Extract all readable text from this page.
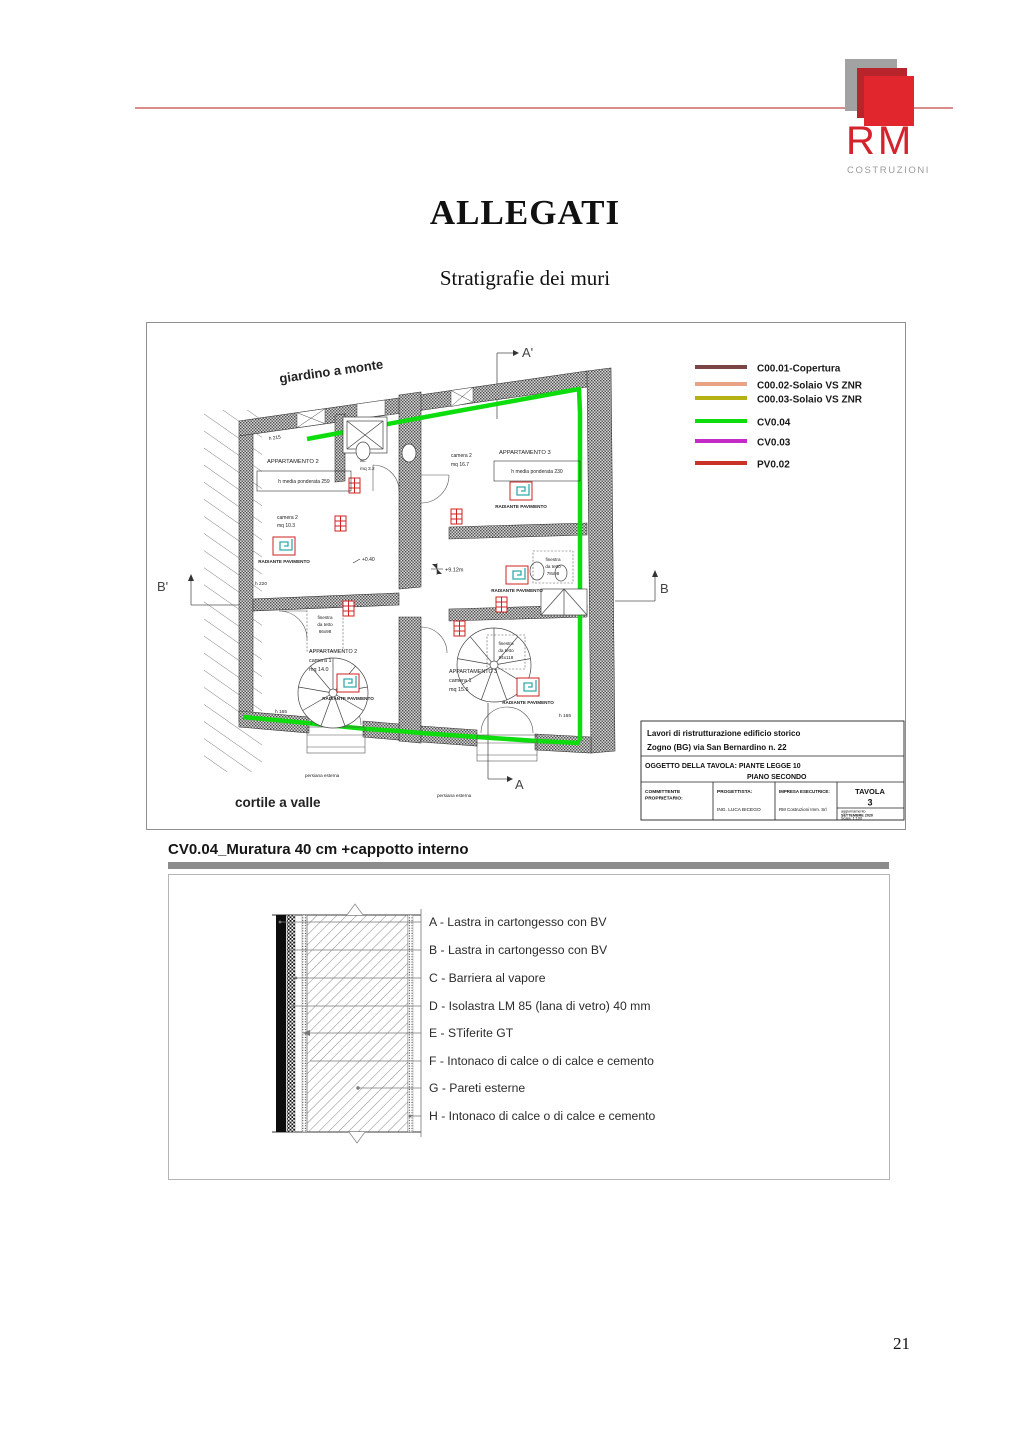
RM
COSTRUZIONI
ALLEGATI
Stratigrafie dei muri
B'	B
A'
A
RADIANTE PAVIMENTO
RADIANTE PAVIMENTO
RADIANTE PAVIMENTO
RADIANTE PAVIMENTO
RADIANTE PAVIMENTO
finestra
da tetto
66x98
finestra
da tetto
78x98
finestra
da tetto
94x118
+9.12m
+0.40
giardino a monte
cortile a valle
h 215
h 220
h 165
h 165
APPARTAMENTO 2
h media ponderata 259
camera 2
mq 10.3
ac.
mq 3.2
camera 2
mq 16.7
APPARTAMENTO 3
h media ponderata 230
APPARTAMENTO 2
camera 1
mq 14.0	APPARTAMENTO 3
camera 1
mq 15.6
persiana esterna
persiana esterna
C00.01-Copertura
C00.02-Solaio VS ZNR
C00.03-Solaio VS ZNR
CV0.04
CV0.03
PV0.02
Lavori di ristrutturazione edificio storico
Zogno (BG) via San Bernardino n. 22
OGGETTO DELLA TAVOLA: PIANTE LEGGE 10
PIANO SECONDO
COMMITTENTE
PROPRIETARIO:
PROGETTISTA:
ING. LUCA BICEGO
IMPRESA ESECUTRICE:
RM Costruzioni Imm. Srl
TAVOLA
3
aggiornamento
SETTEMBRE 2020
Scala: 1:100
CV0.04_Muratura 40 cm +cappotto interno
A - Lastra in cartongesso con BV
B - Lastra in cartongesso con BV
C - Barriera al vapore
D - Isolastra LM 85 (lana di vetro) 40 mm
E - STiferite GT
F - Intonaco di calce o di calce e cemento
G - Pareti esterne
H - Intonaco di calce o di calce e cemento
21
